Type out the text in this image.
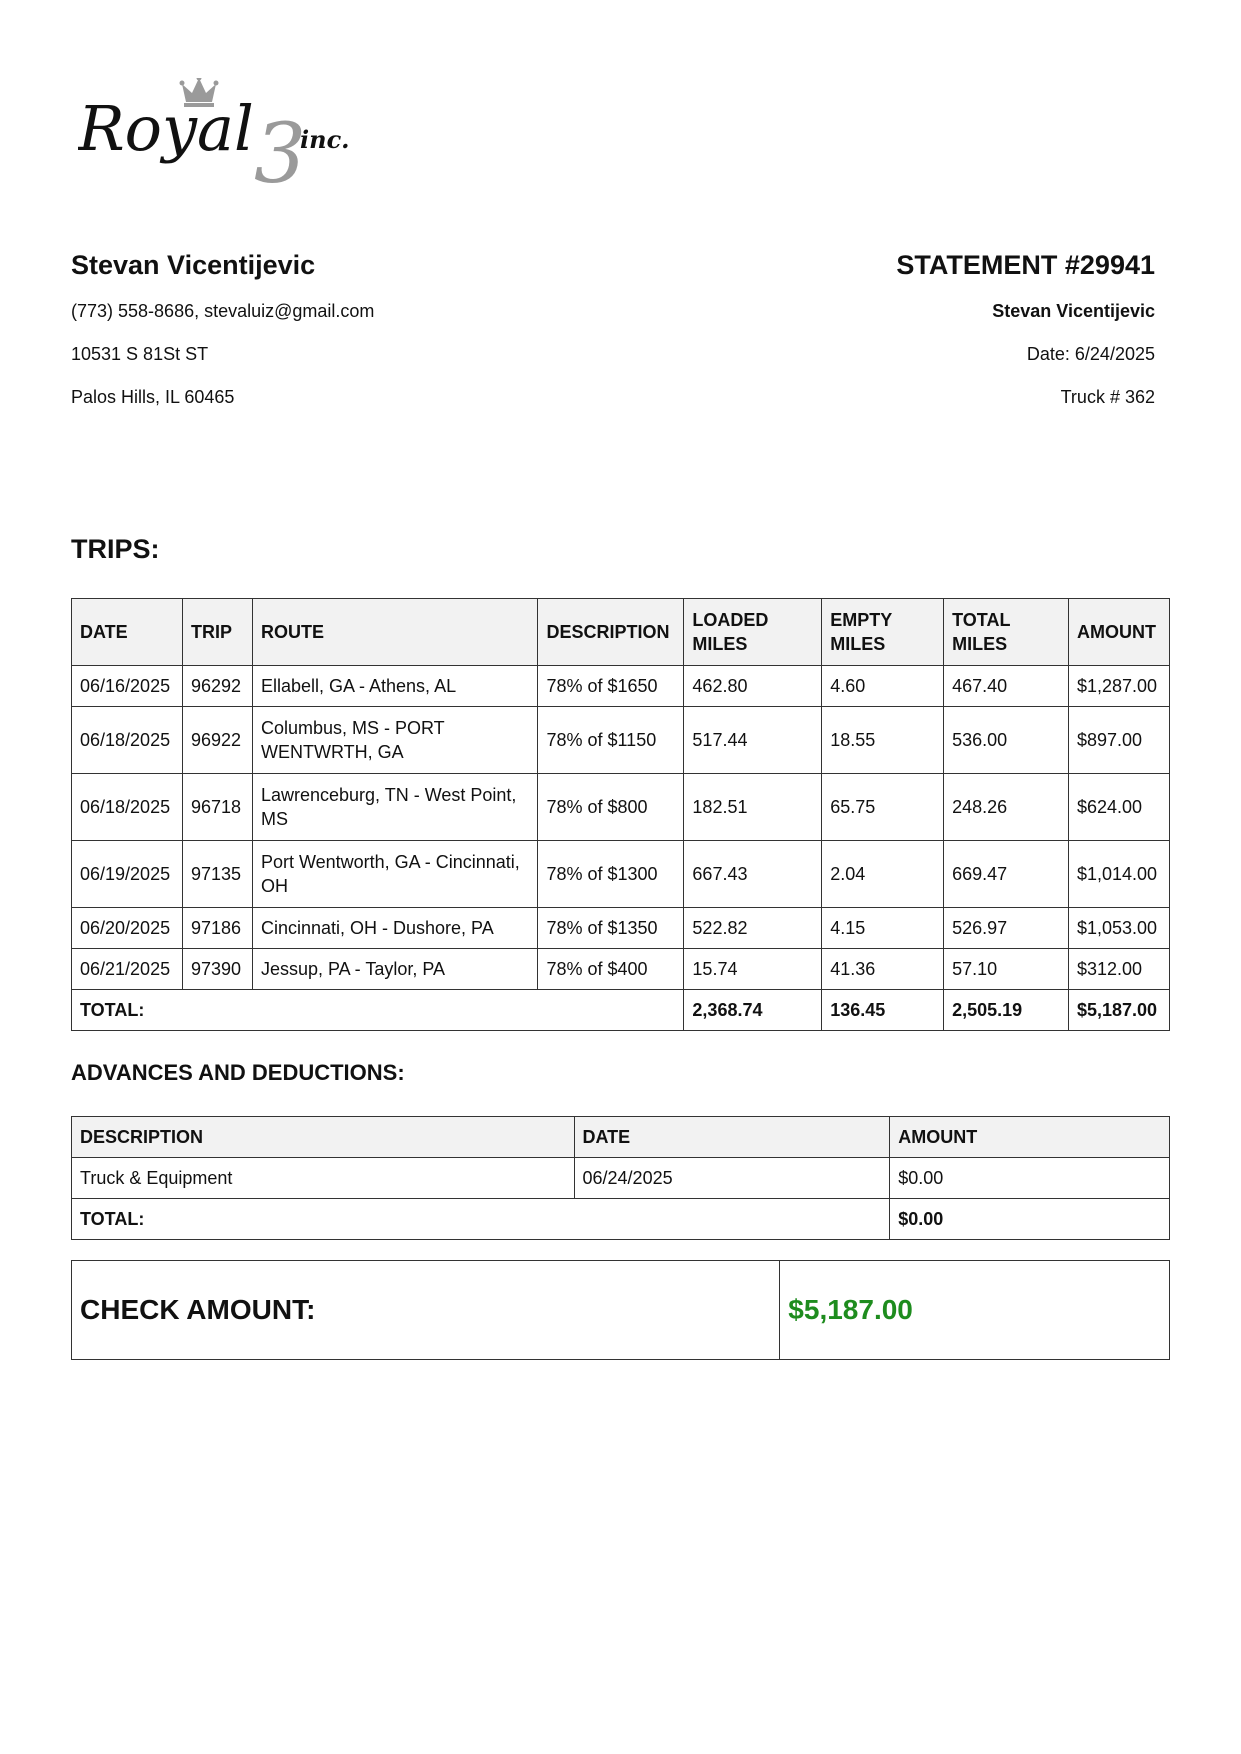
Royal 3
inc.
Stevan Vicentijevic
(773) 558-8686, stevaluiz@gmail.com
10531 S 81St ST
Palos Hills, IL 60465
STATEMENT #29941
Stevan Vicentijevic
Date: 6/24/2025
Truck # 362
TRIPS:
DATE	TRIP	ROUTE	DESCRIPTION	LOADED MILES	EMPTY MILES	TOTAL MILES	AMOUNT
06/16/2025	96292	Ellabell, GA - Athens, AL	78% of $1650	462.80	4.60	467.40	$1,287.00
06/18/2025	96922	Columbus, MS - PORT WENTWRTH, GA	78% of $1150	517.44	18.55	536.00	$897.00
06/18/2025	96718	Lawrenceburg, TN - West Point, MS	78% of $800	182.51	65.75	248.26	$624.00
06/19/2025	97135	Port Wentworth, GA - Cincinnati, OH	78% of $1300	667.43	2.04	669.47	$1,014.00
06/20/2025	97186	Cincinnati, OH - Dushore, PA	78% of $1350	522.82	4.15	526.97	$1,053.00
06/21/2025	97390	Jessup, PA - Taylor, PA	78% of $400	15.74	41.36	57.10	$312.00
TOTAL:				2,368.74	136.45	2,505.19	$5,187.00
ADVANCES AND DEDUCTIONS:
DESCRIPTION	DATE	AMOUNT
Truck & Equipment	06/24/2025	$0.00
TOTAL:		$0.00
CHECK AMOUNT:	$5,187.00
